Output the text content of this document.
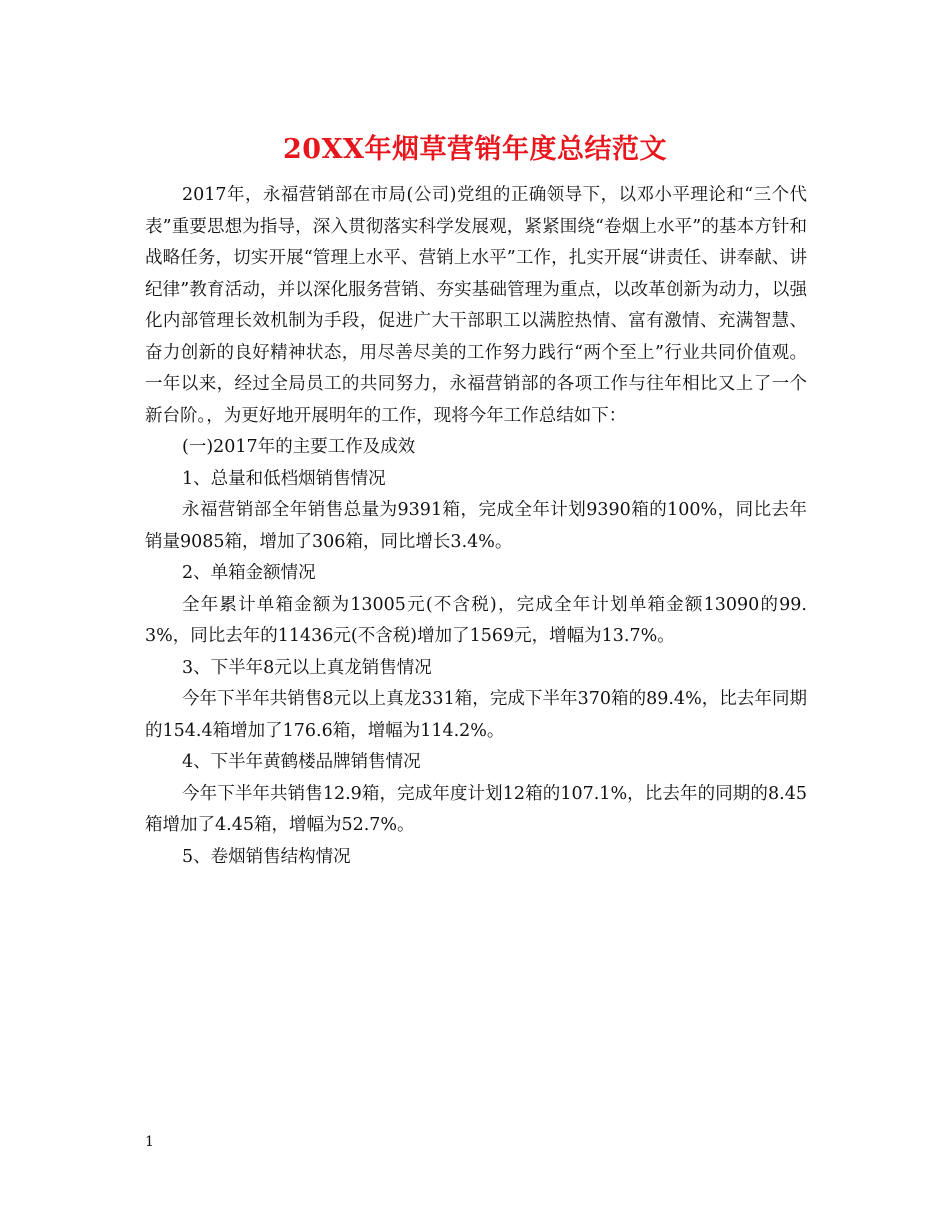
20XX年烟草营销年度总结范文

2017年，永福营销部在市局(公司)党组的正确领导下，以邓小平理论和“三个代表”重要思想为指导，深入贯彻落实科学发展观，紧紧围绕“卷烟上水平”的基本方针和战略任务，切实开展“管理上水平、营销上水平”工作，扎实开展“讲责任、讲奉献、讲纪律”教育活动，并以深化服务营销、夯实基础管理为重点，以改革创新为动力，以强化内部管理长效机制为手段，促进广大干部职工以满腔热情、富有激情、充满智慧、奋力创新的良好精神状态，用尽善尽美的工作努力践行“两个至上”行业共同价值观。一年以来，经过全局员工的共同努力，永福营销部的各项工作与往年相比又上了一个新台阶。，为更好地开展明年的工作，现将今年工作总结如下：

(一)2017年的主要工作及成效

1、总量和低档烟销售情况

永福营销部全年销售总量为9391箱，完成全年计划9390箱的100%，同比去年销量9085箱，增加了306箱，同比增长3.4%。

2、单箱金额情况

全年累计单箱金额为13005元(不含税)，完成全年计划单箱金额13090的99.3%，同比去年的11436元(不含税)增加了1569元，增幅为13.7%。

3、下半年8元以上真龙销售情况

今年下半年共销售8元以上真龙331箱，完成下半年370箱的89.4%，比去年同期的154.4箱增加了176.6箱，增幅为114.2%。

4、下半年黄鹤楼品牌销售情况

今年下半年共销售12.9箱，完成年度计划12箱的107.1%，比去年的同期的8.45箱增加了4.45箱，增幅为52.7%。

5、卷烟销售结构情况

1
